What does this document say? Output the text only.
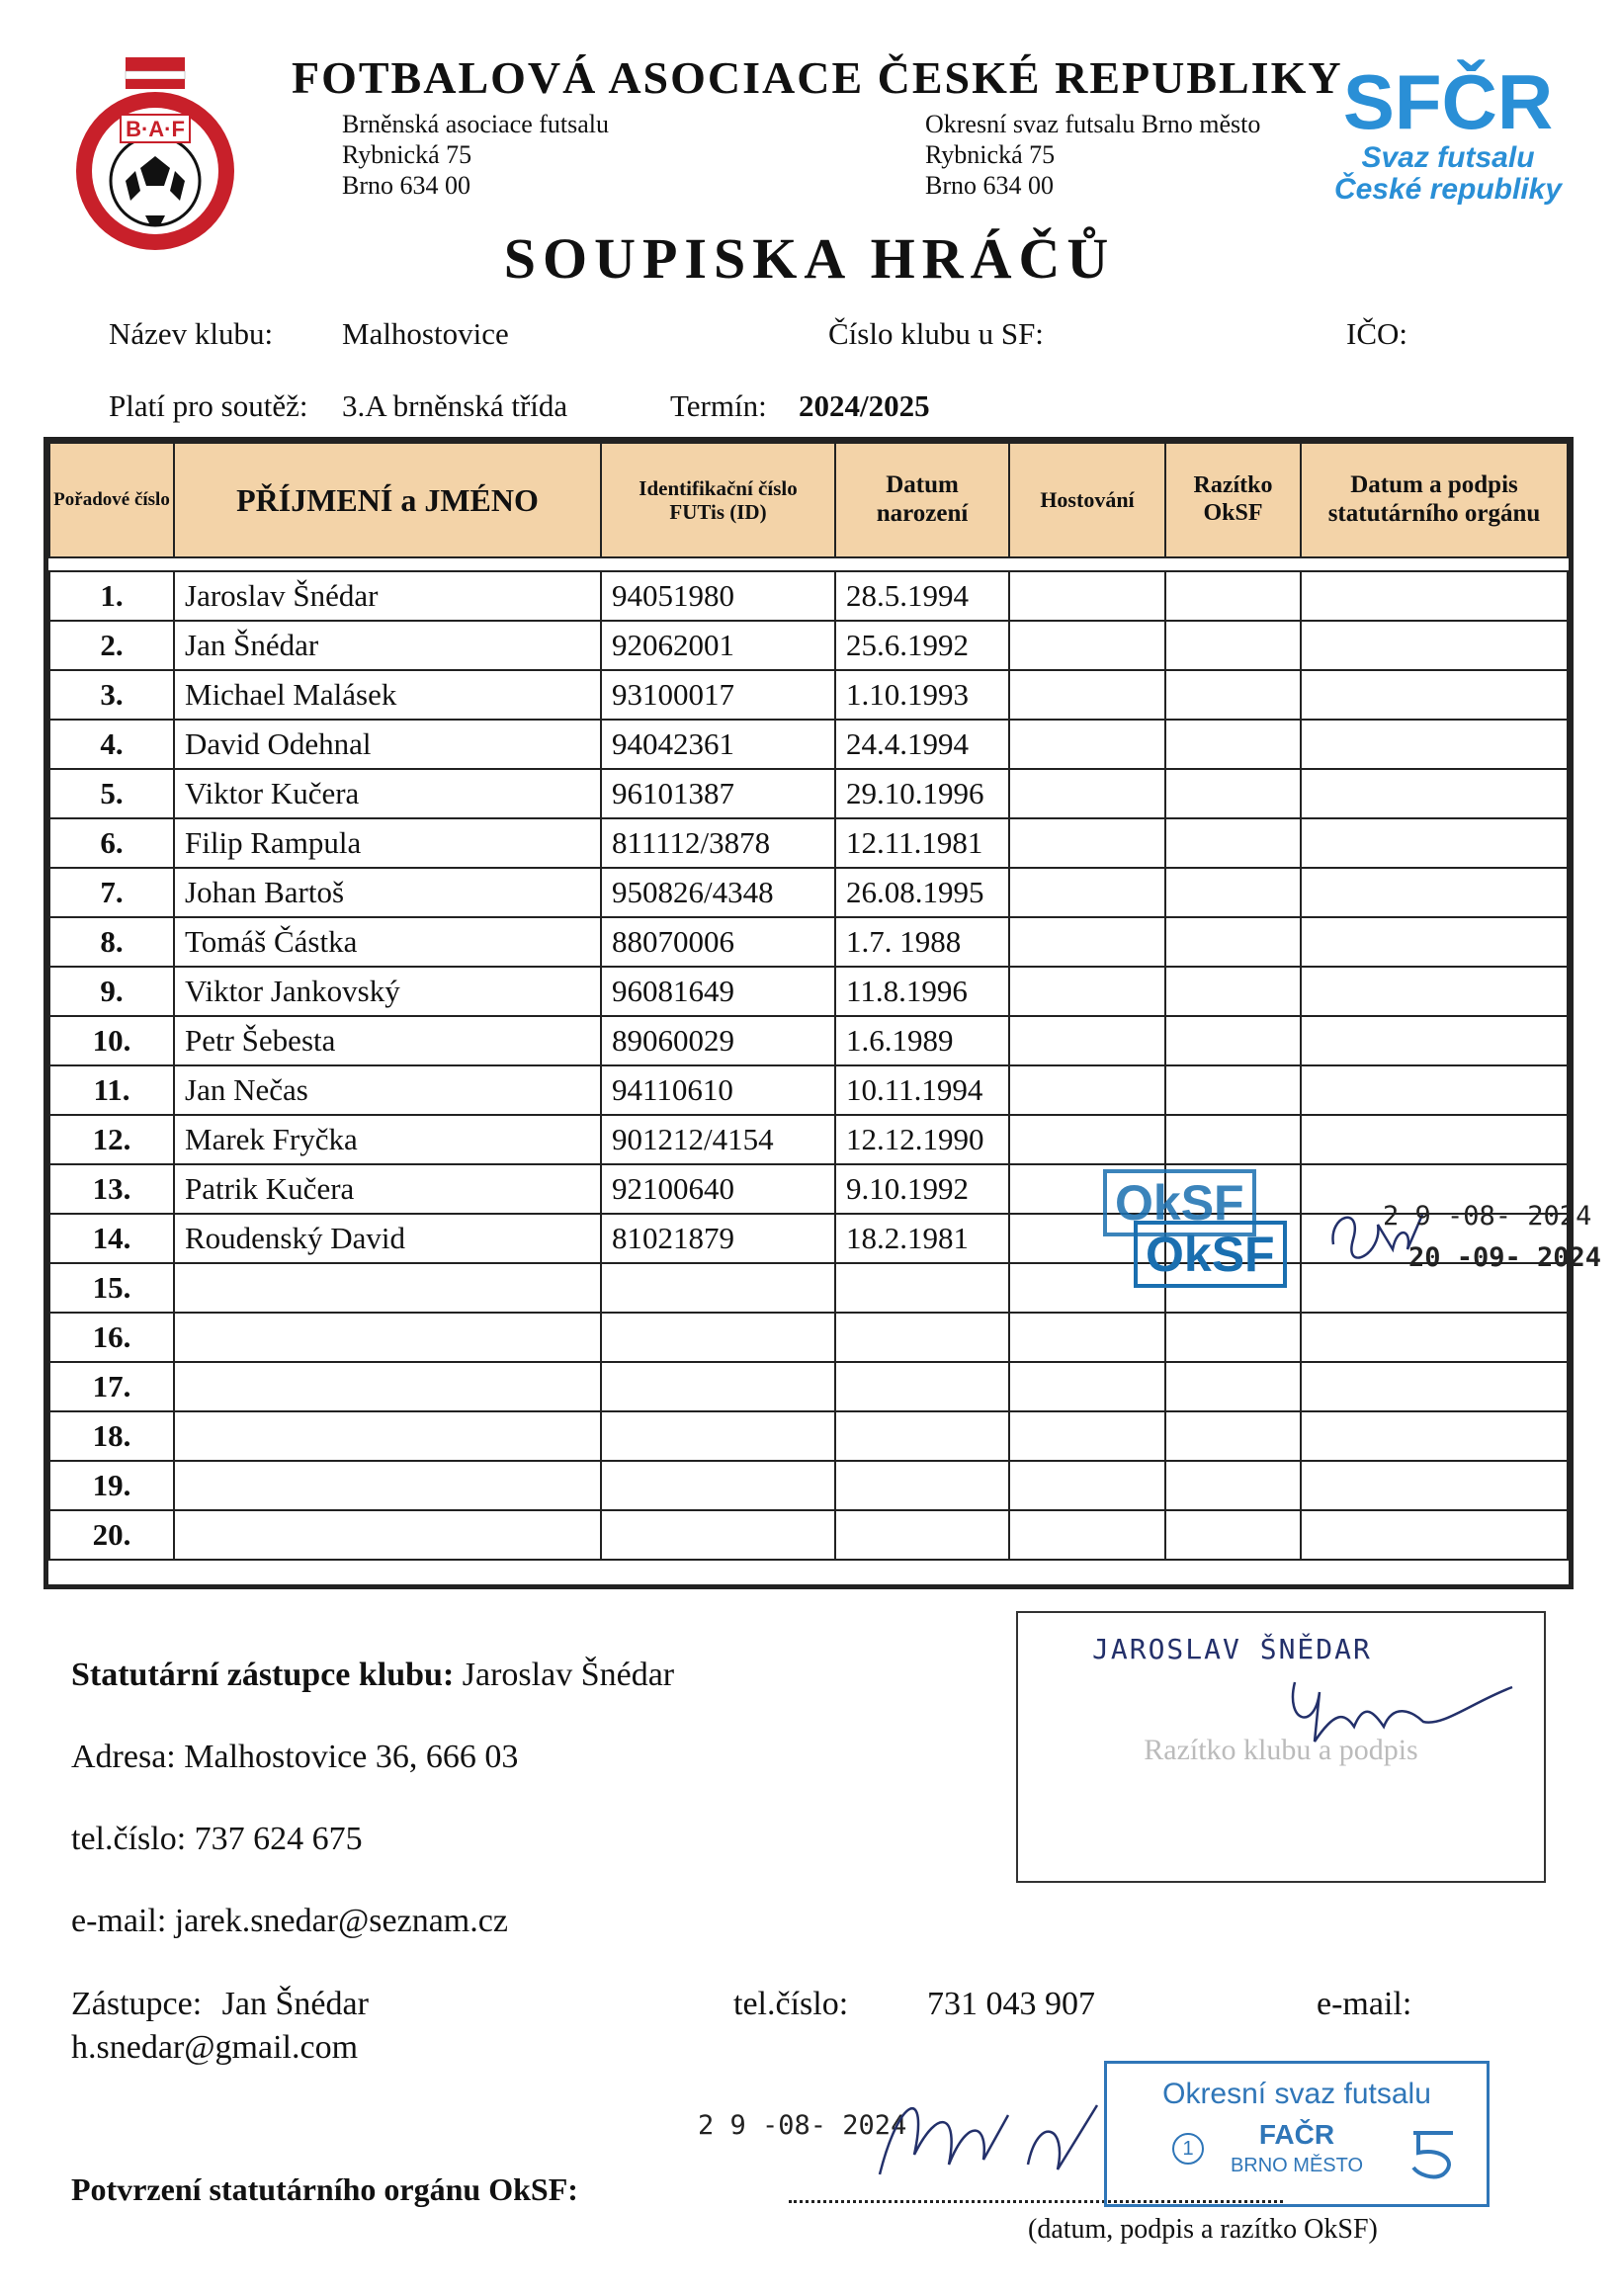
B·A·F
FOTBALOVÁ ASOCIACE ČESKÉ REPUBLIKY
Brněnská asociace futsalu
Rybnická 75
Brno 634 00
Okresní svaz futsalu Brno město
Rybnická 75
Brno 634 00
SFČR
Svaz futsalu
České republiky
SOUPISKA HRÁČŮ
Název klubu: Malhostovice	Číslo klubu u SF:	IČO:
Platí pro soutěž: 3.A brněnská třída	Termín: 2024/2025
Pořadové číslo	PŘÍJMENÍ a JMÉNO	Identifikační číslo FUTis (ID)	Datum narození	Hostování	Razítko OkSF	Datum a podpis statutárního orgánu

1.	Jaroslav Šnédar	94051980	28.5.1994			
2.	Jan Šnédar	92062001	25.6.1992			
3.	Michael Malásek	93100017	1.10.1993			
4.	David Odehnal	94042361	24.4.1994			
5.	Viktor Kučera	96101387	29.10.1996			
6.	Filip Rampula	811112/3878	12.11.1981			
7.	Johan Bartoš	950826/4348	26.08.1995			
8.	Tomáš Částka	88070006	1.7. 1988			
9.	Viktor Jankovský	96081649	11.8.1996			
10.	Petr Šebesta	89060029	1.6.1989			
11.	Jan Nečas	94110610	10.11.1994			
12.	Marek Fryčka	901212/4154	12.12.1990			
13.	Patrik Kučera	92100640	9.10.1992			
14.	Roudenský David	81021879	18.2.1981			
15.						
16.						
17.						
18.						
19.						
20.						
OkSF
OkSF
2 9 -08- 2024
20 -09- 2024
Statutární zástupce klubu: Jaroslav Šnédar
Adresa: Malhostovice 36, 666 03
tel.číslo: 737 624 675
e-mail: jarek.snedar@seznam.cz
JAROSLAV ŠNĚDAR
Razítko klubu a podpis
Zástupce: Jan Šnédar	tel.číslo: 731 043 907	e-mail:
h.snedar@gmail.com
Potvrzení statutárního orgánu OkSF:
2 9 -08- 2024
Okresní svaz futsalu
FAČR
BRNO MĚSTO
1
(datum, podpis a razítko OkSF)
